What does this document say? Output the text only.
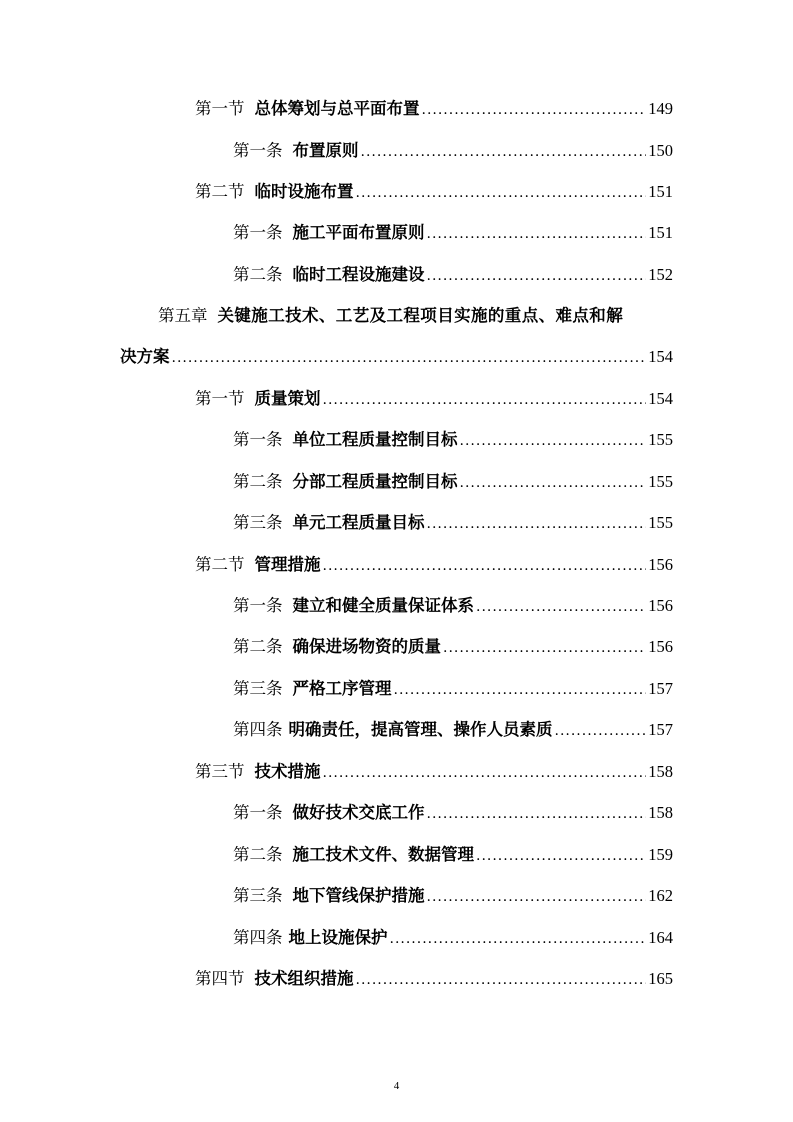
第一节 总体筹划与总平面布置 .....	149
第一条 布置原则 .....	150
第二节 临时设施布置 .....	151
第一条 施工平面布置原则 .....	151
第二条 临时工程设施建设 .....	152
第五章 关键施工技术、工艺及工程项目实施的重点、难点和解
决方案 .....	154
第一节 质量策划 .....	154
第一条 单位工程质量控制目标 .....	155
第二条 分部工程质量控制目标 .....	155
第三条 单元工程质量目标 .....	155
第二节 管理措施 .....	156
第一条 建立和健全质量保证体系 .....	156
第二条 确保进场物资的质量 .....	156
第三条 严格工序管理 .....	157
第四条 明确责任，提高管理、操作人员素质 .....	157
第三节 技术措施 .....	158
第一条 做好技术交底工作 .....	158
第二条 施工技术文件、数据管理 .....	159
第三条 地下管线保护措施 .....	162
第四条 地上设施保护 .....	164
第四节 技术组织措施 .....	165
4
